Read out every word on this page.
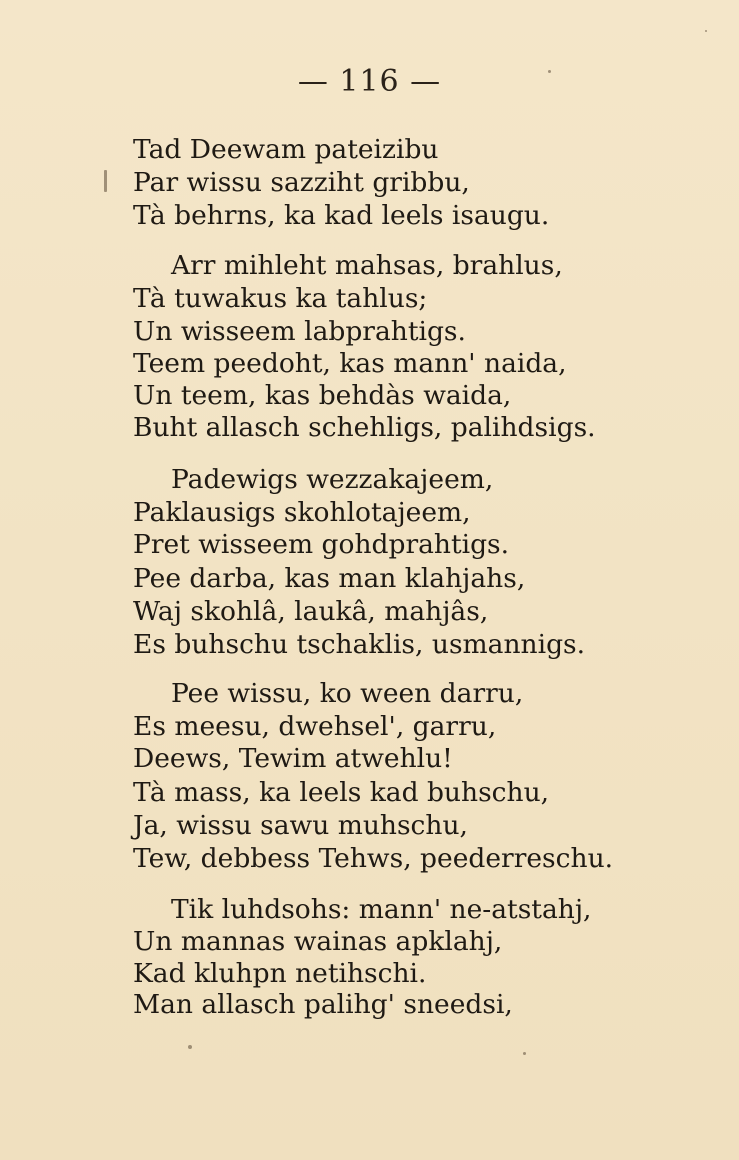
— 116 —
Tad Deewam pateizibu
Par wissu sazziht gribbu,
Tà behrns, ka kad leels isaugu.
Arr mihleht mahsas, brahlus,
Tà tuwakus ka tahlus;
Un wisseem labprahtigs.
Teem peedoht, kas mann' naida,
Un teem, kas behdàs waida,
Buht allasch schehligs, palihdsigs.
Padewigs wezzakajeem,
Paklausigs skohlotajeem,
Pret wisseem gohdprahtigs.
Pee darba, kas man klahjahs,
Waj skohlâ, laukâ, mahjâs,
Es buhschu tschaklis, usmannigs.
Pee wissu, ko ween darru,
Es meesu, dwehsel', garru,
Deews, Tewim atwehlu!
Tà mass, ka leels kad buhschu,
Ja, wissu sawu muhschu,
Tew, debbess Tehws, peederreschu.
Tik luhdsohs: mann' ne-atstahj,
Un mannas wainas apklahj,
Kad kluhpn netihschi.
Man allasch palihg' sneedsi,
